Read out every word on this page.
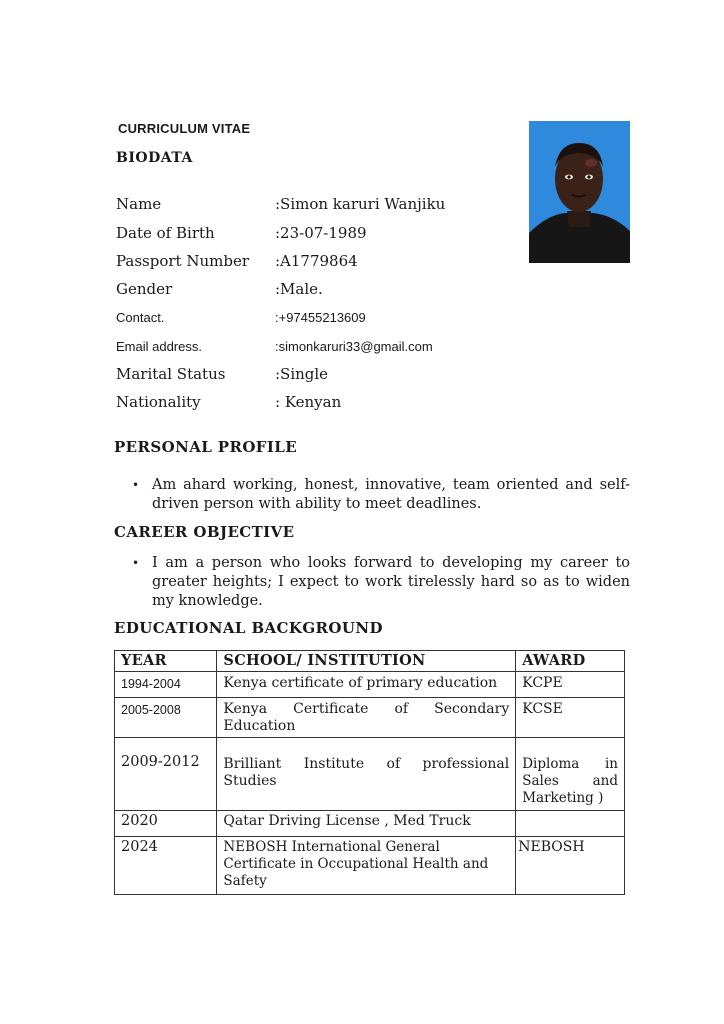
CURRICULUM VITAE
BIODATA
Name	:Simon karuri Wanjiku
Date of Birth	:23-07-1989
Passport Number :A1779864
Gender	:Male.
Contact.	:+97455213609
Email address.	:simonkaruri33@gmail.com
Marital Status	:Single
Nationality	: Kenyan
PERSONAL PROFILE
• Am ahard working, honest, innovative, team oriented and self-driven person with ability to meet deadlines.
CAREER OBJECTIVE
• I am a person who looks forward to developing my career to greater heights; I expect to work tirelessly hard so as to widen my knowledge.
EDUCATIONAL BACKGROUND
YEAR	SCHOOL/ INSTITUTION	AWARD
1994-2004	Kenya certificate of primary education	KCPE
2005-2008	Kenya Certificate of Secondary Education	KCSE
2009-2012	Brilliant Institute of professional Studies	Diploma in Sales and Marketing )
2020	Qatar Driving License , Med Truck	
2024	NEBOSH International General Certificate in Occupational Health and Safety	NEBOSH
